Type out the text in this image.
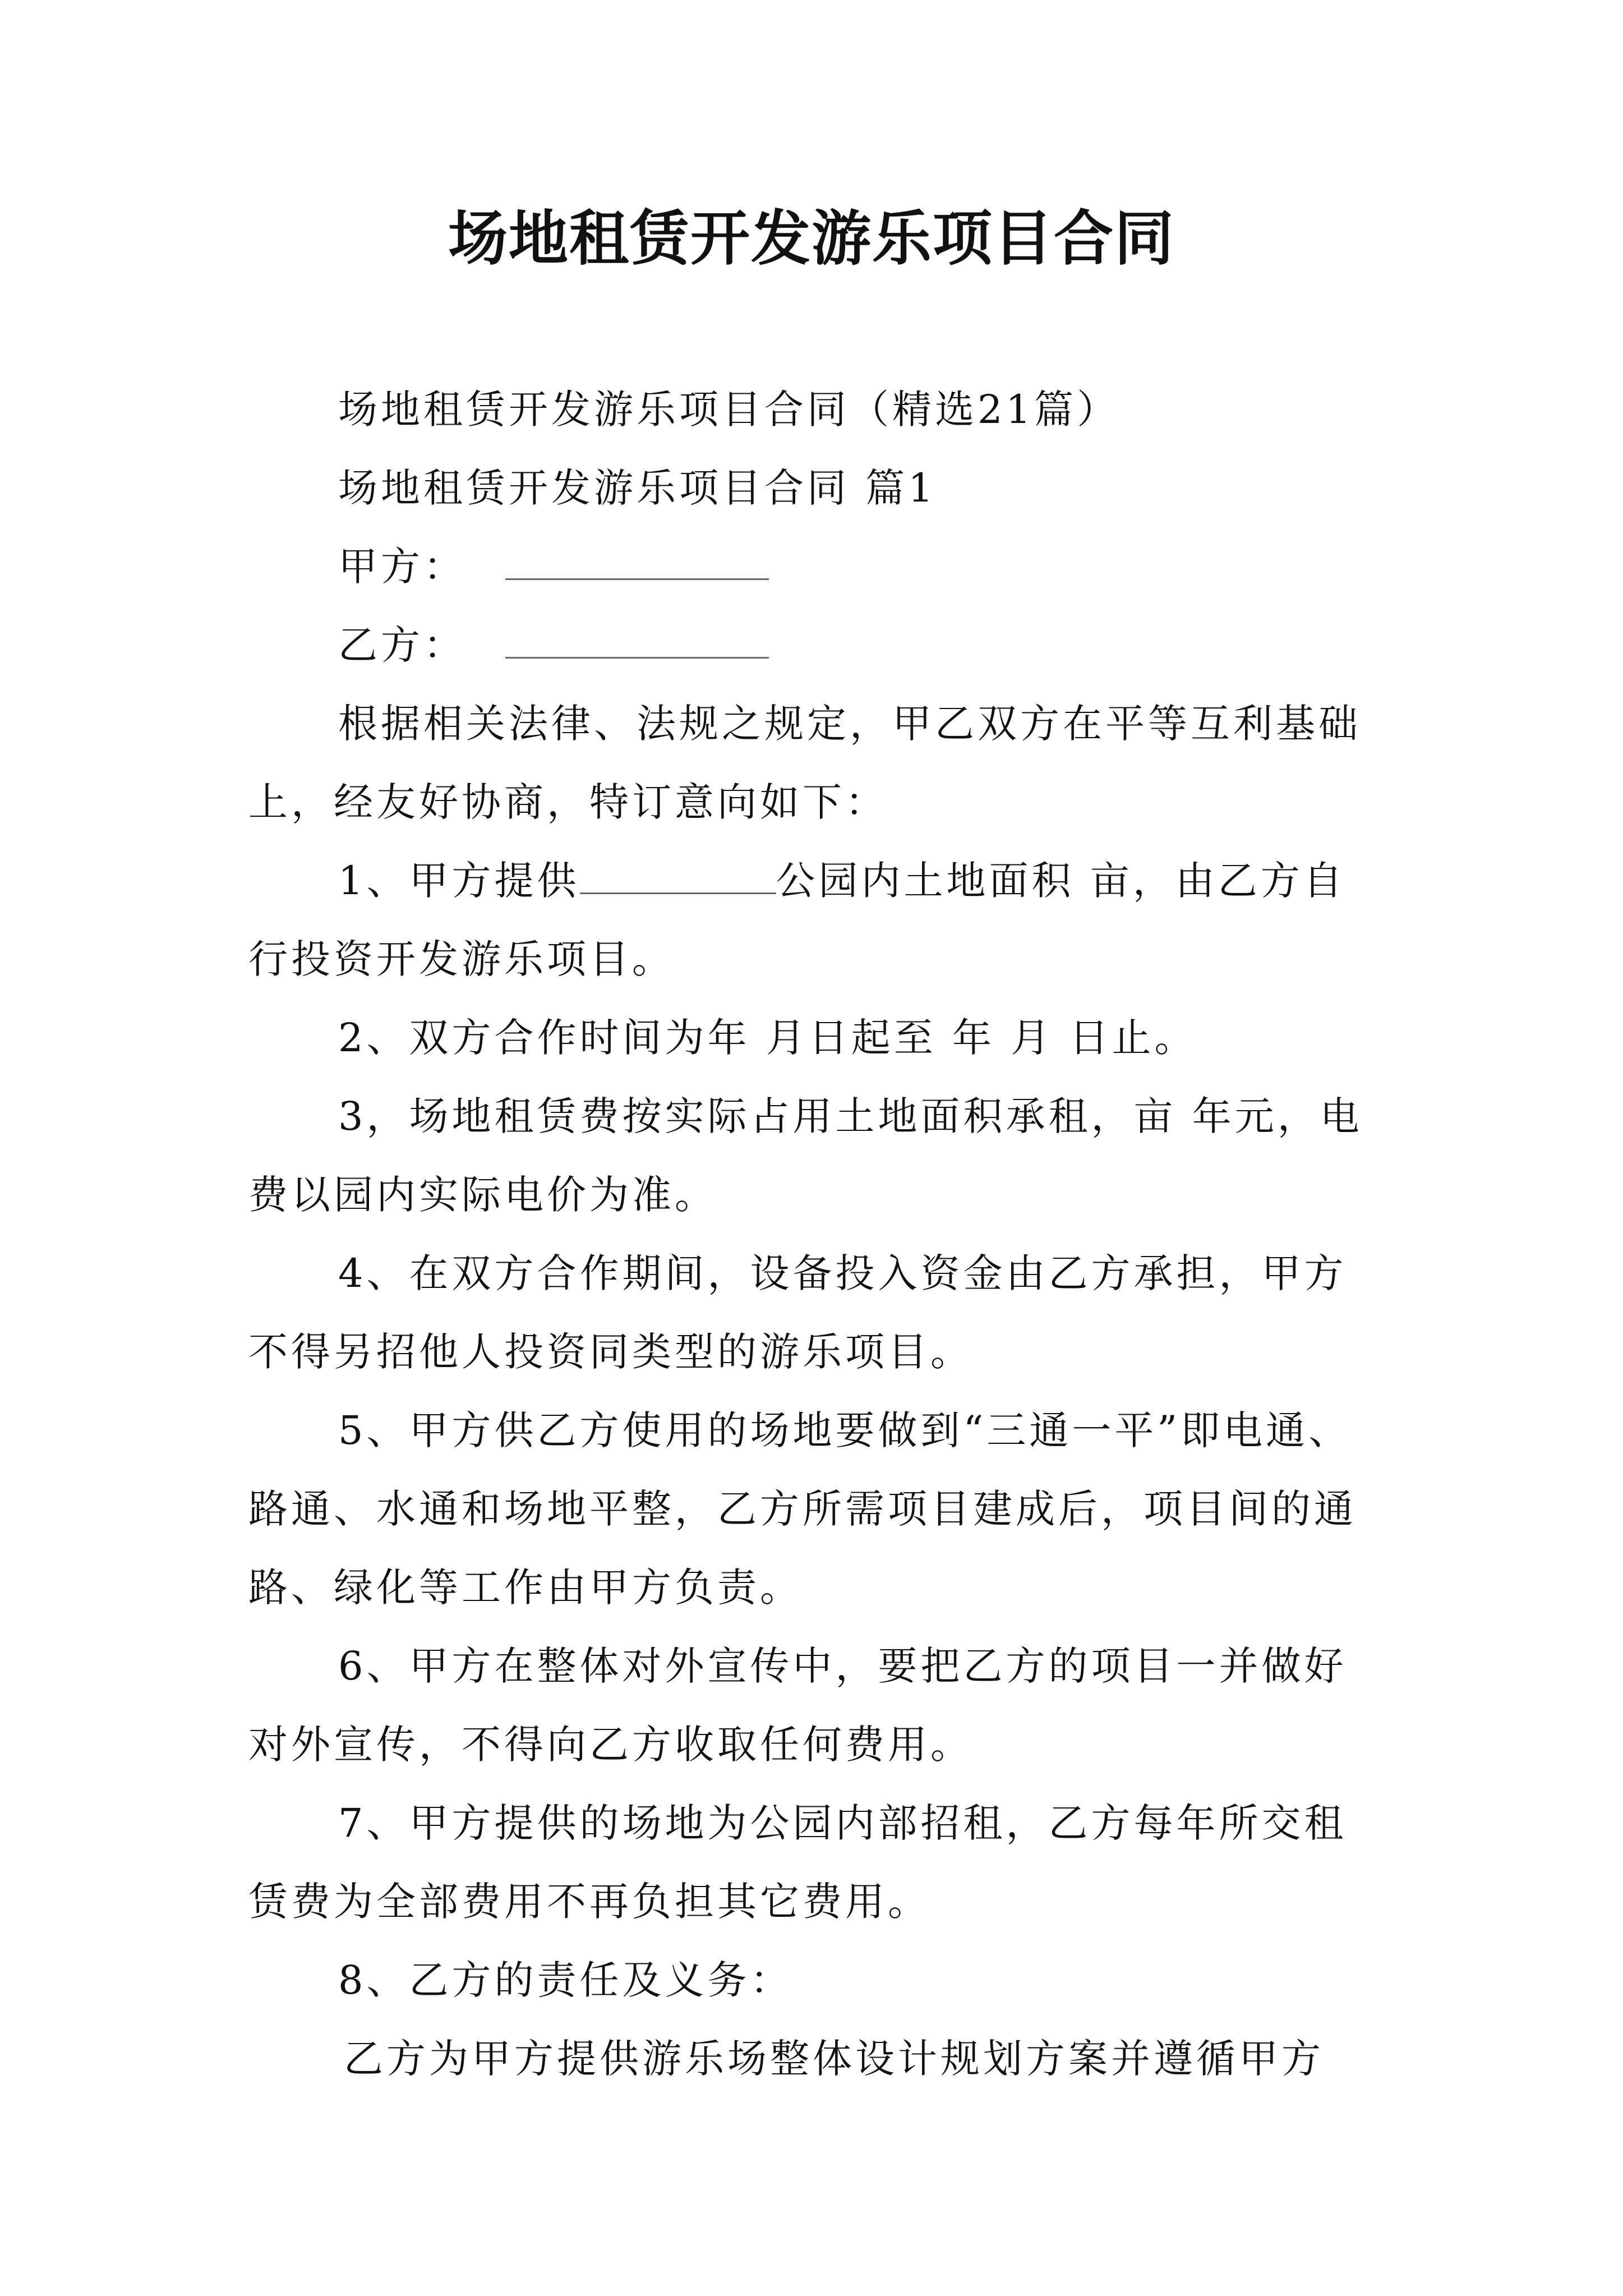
场地租赁开发游乐项目合同
场地租赁开发游乐项目合同（精选21篇）
场地租赁开发游乐项目合同 篇1
甲方：
乙方：
根据相关法律、法规之规定，甲乙双方在平等互利基础
上，经友好协商，特订意向如下：
1、甲方提供	公园内土地面积 亩，由乙方自
行投资开发游乐项目。
2、双方合作时间为年 月日起至 年 月 日止。
3，场地租赁费按实际占用土地面积承租，亩 年元，电
费以园内实际电价为准。
4、在双方合作期间，设备投入资金由乙方承担，甲方
不得另招他人投资同类型的游乐项目。
5、甲方供乙方使用的场地要做到“三通一平”即电通、
路通、水通和场地平整，乙方所需项目建成后，项目间的通
路、绿化等工作由甲方负责。
6、甲方在整体对外宣传中，要把乙方的项目一并做好
对外宣传，不得向乙方收取任何费用。
7、甲方提供的场地为公园内部招租，乙方每年所交租
赁费为全部费用不再负担其它费用。
8、乙方的责任及义务：
乙方为甲方提供游乐场整体设计规划方案并遵循甲方
